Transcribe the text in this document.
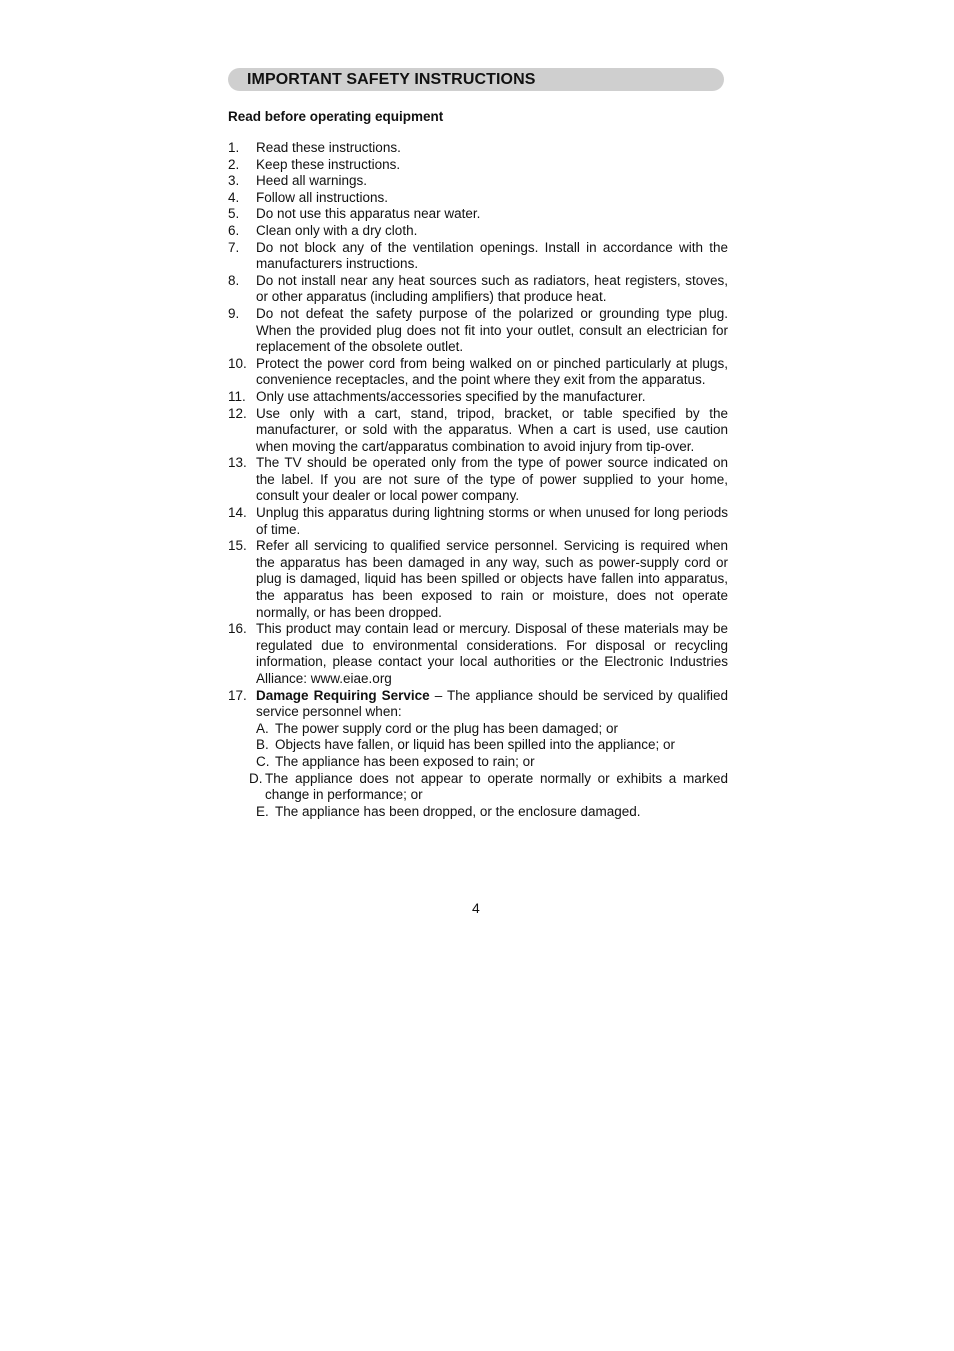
IMPORTANT SAFETY INSTRUCTIONS
Read before operating equipment
1. Read these instructions.
2. Keep these instructions.
3. Heed all warnings.
4. Follow all instructions.
5. Do not use this apparatus near water.
6. Clean only with a dry cloth.
7. Do not block any of the ventilation openings. Install in accordance with the manufacturers instructions.
8. Do not install near any heat sources such as radiators, heat registers, stoves, or other apparatus (including amplifiers) that produce heat.
9. Do not defeat the safety purpose of the polarized or grounding type plug. When the provided plug does not fit into your outlet, consult an electrician for replacement of the obsolete outlet.
10. Protect the power cord from being walked on or pinched particularly at plugs, convenience receptacles, and the point where they exit from the apparatus.
11. Only use attachments/accessories specified by the manufacturer.
12. Use only with a cart, stand, tripod, bracket, or table specified by the manufacturer, or sold with the apparatus. When a cart is used, use caution when moving the cart/apparatus combination to avoid injury from tip-over.
13. The TV should be operated only from the type of power source indicated on the label. If you are not sure of the type of power supplied to your home, consult your dealer or local power company.
14. Unplug this apparatus during lightning storms or when unused for long periods of time.
15. Refer all servicing to qualified service personnel. Servicing is required when the apparatus has been damaged in any way, such as power-supply cord or plug is damaged, liquid has been spilled or objects have fallen into apparatus, the apparatus has been exposed to rain or moisture, does not operate normally, or has been dropped.
16. This product may contain lead or mercury. Disposal of these materials may be regulated due to environmental considerations. For disposal or recycling information, please contact your local authorities or the Electronic Industries Alliance: www.eiae.org
17. Damage Requiring Service – The appliance should be serviced by qualified service personnel when:
A. The power supply cord or the plug has been damaged; or
B. Objects have fallen, or liquid has been spilled into the appliance; or
C. The appliance has been exposed to rain; or
D. The appliance does not appear to operate normally or exhibits a marked change in performance; or
E. The appliance has been dropped, or the enclosure damaged.
4
